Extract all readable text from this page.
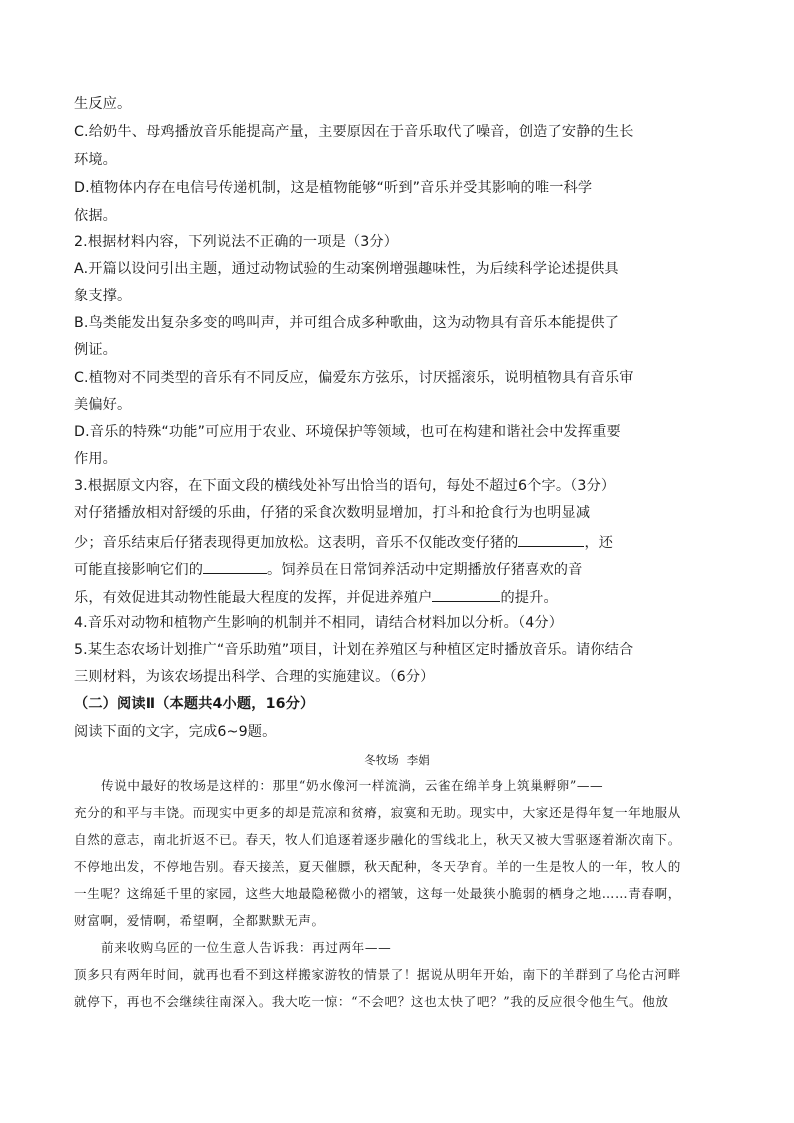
生反应。
C.给奶牛、母鸡播放音乐能提高产量，主要原因在于音乐取代了噪音，创造了安静的生长
环境。
D.植物体内存在电信号传递机制，这是植物能够“听到”音乐并受其影响的唯一科学
依据。
2.根据材料内容，下列说法不正确的一项是（3分）
A.开篇以设问引出主题，通过动物试验的生动案例增强趣味性，为后续科学论述提供具
象支撑。
B.鸟类能发出复杂多变的鸣叫声，并可组合成多种歌曲，这为动物具有音乐本能提供了
例证。
C.植物对不同类型的音乐有不同反应，偏爱东方弦乐，讨厌摇滚乐，说明植物具有音乐审
美偏好。
D.音乐的特殊“功能”可应用于农业、环境保护等领域，也可在构建和谐社会中发挥重要
作用。
3.根据原文内容，在下面文段的横线处补写出恰当的语句，每处不超过6个字。（3分）
对仔猪播放相对舒缓的乐曲，仔猪的采食次数明显增加，打斗和抢食行为也明显减
少；音乐结束后仔猪表现得更加放松。这表明，音乐不仅能改变仔猪的	，还
可能直接影响它们的	。饲养员在日常饲养活动中定期播放仔猪喜欢的音
乐，有效促进其动物性能最大程度的发挥，并促进养殖户	的提升。
4.音乐对动物和植物产生影响的机制并不相同，请结合材料加以分析。（4分）
5.某生态农场计划推广“音乐助殖”项目，计划在养殖区与种植区定时播放音乐。请你结合
三则材料，为该农场提出科学、合理的实施建议。（6分）
（二）阅读Ⅱ（本题共4小题，16分）
阅读下面的文字，完成6~9题。
冬牧场 李娟
传说中最好的牧场是这样的：那里“奶水像河一样流淌，云雀在绵羊身上筑巢孵卵”——
充分的和平与丰饶。而现实中更多的却是荒凉和贫瘠，寂寞和无助。现实中，大家还是得年复一年地服从
自然的意志，南北折返不已。春天，牧人们追逐着逐步融化的雪线北上，秋天又被大雪驱逐着渐次南下。
不停地出发，不停地告别。春天接羔，夏天催膘，秋天配种，冬天孕育。羊的一生是牧人的一年，牧人的
一生呢？这绵延千里的家园，这些大地最隐秘微小的褶皱，这每一处最狭小脆弱的栖身之地……青春啊，
财富啊，爱情啊，希望啊，全都默默无声。
前来收购乌匠的一位生意人告诉我：再过两年——
顶多只有两年时间，就再也看不到这样搬家游牧的情景了！据说从明年开始，南下的羊群到了乌伦古河畔
就停下，再也不会继续往南深入。我大吃一惊：“不会吧？这也太快了吧？”我的反应很令他生气。他放
